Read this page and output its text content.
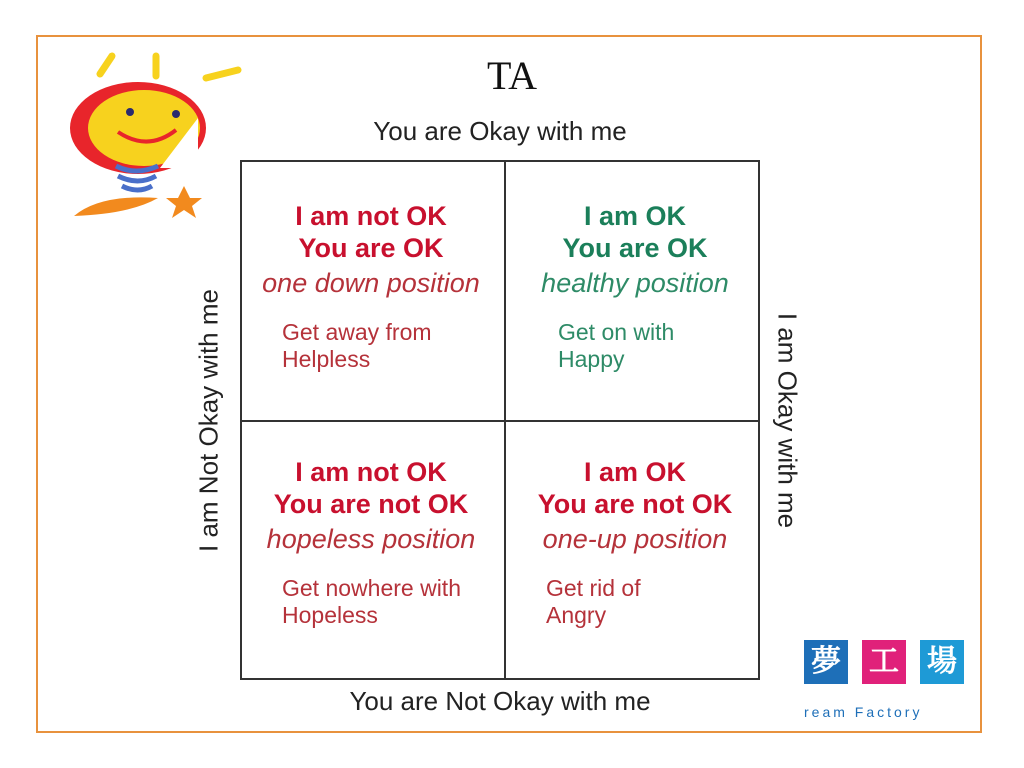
TA
You are Okay with me
You are Not Okay with me
I am Not Okay with me	I am Okay with me
I am not OK
You are OK
one down position
Get away from
Helpless
I am OK
You are OK
healthy position
Get on with
Happy
I am not OK
You are not OK
hopeless position
Get nowhere with
Hopeless
I am OK
You are not OK
one-up position
Get rid of
Angry
夢 工 場
ream Factory
